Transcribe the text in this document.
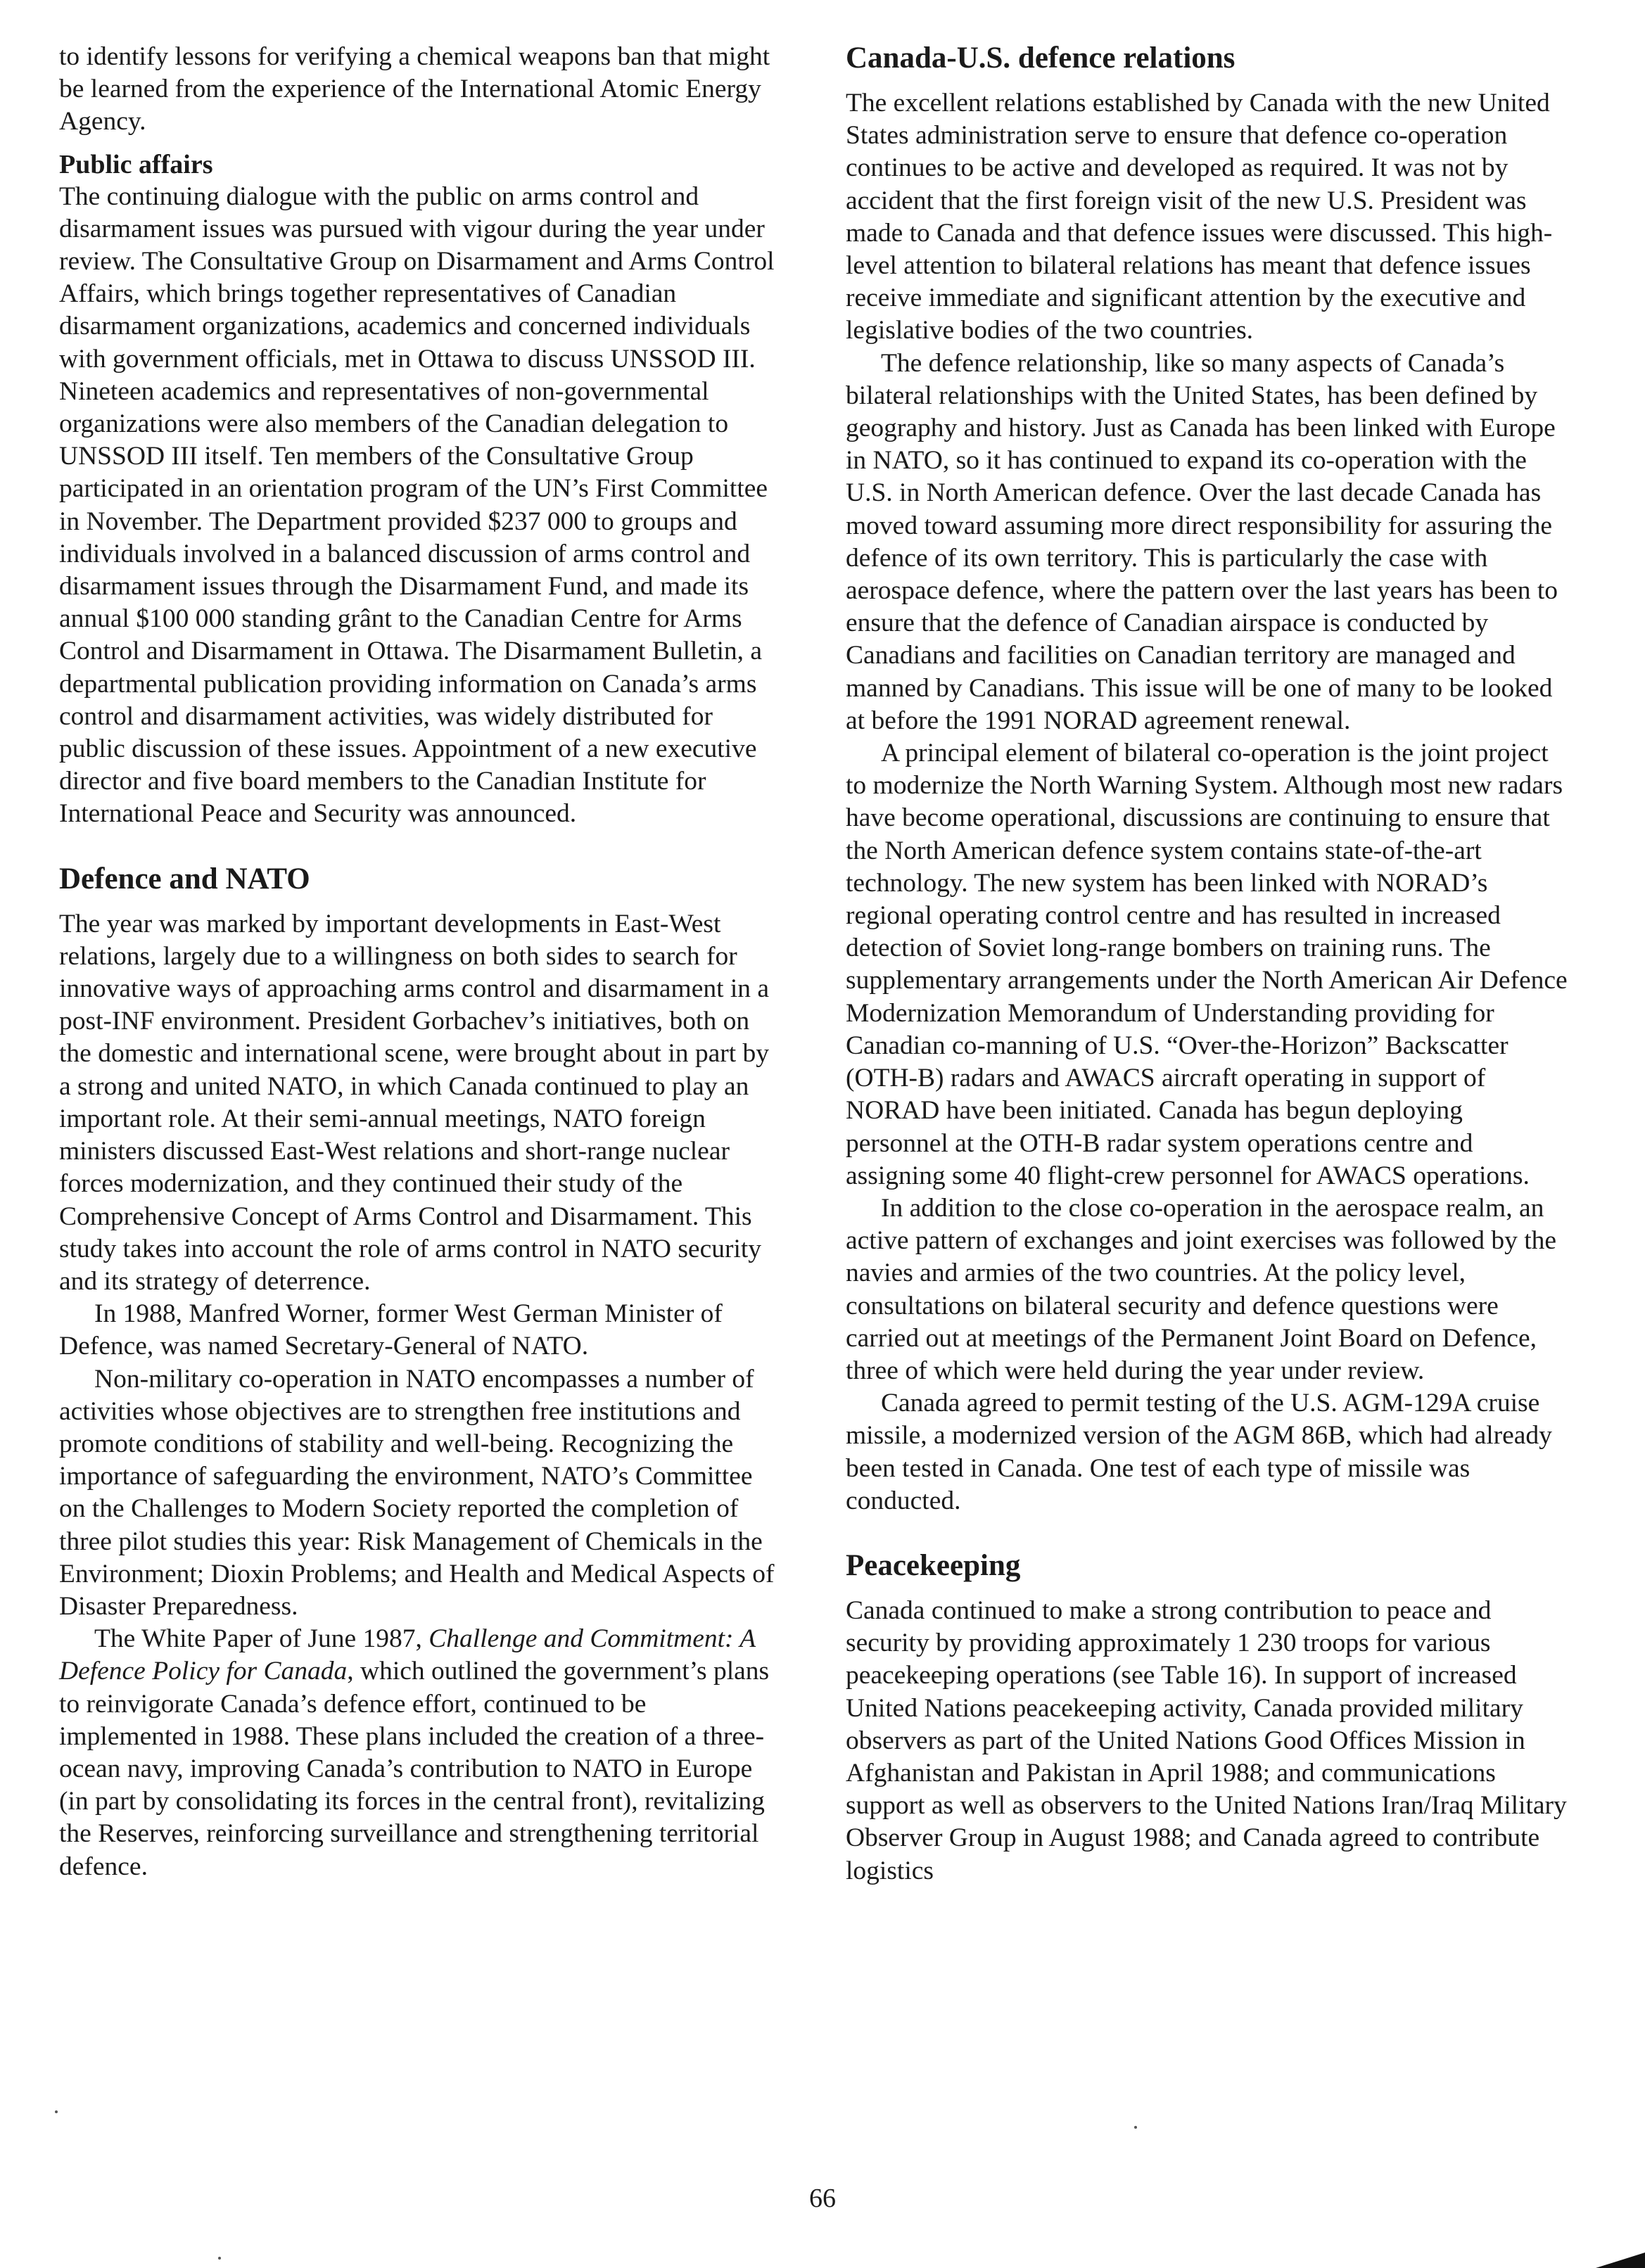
to identify lessons for verifying a chemical weapons ban that might be learned from the experience of the International Atomic Energy Agency.

Public affairs

The continuing dialogue with the public on arms control and disarmament issues was pursued with vigour during the year under review. The Consultative Group on Disarmament and Arms Control Affairs, which brings together representatives of Canadian disarmament organizations, academics and concerned individuals with government officials, met in Ottawa to discuss UNSSOD III. Nineteen academics and representatives of non-governmental organizations were also members of the Canadian delegation to UNSSOD III itself. Ten members of the Consultative Group participated in an orientation program of the UN’s First Committee in November. The Department provided $237 000 to groups and individuals involved in a balanced discussion of arms control and disarmament issues through the Disarmament Fund, and made its annual $100 000 standing grânt to the Canadian Centre for Arms Control and Disarmament in Ottawa. The Disarmament Bulletin, a departmental publication providing information on Canada’s arms control and disarmament activities, was widely distributed for public discussion of these issues. Appointment of a new executive director and five board members to the Canadian Institute for International Peace and Security was announced.

Defence and NATO

The year was marked by important developments in East-West relations, largely due to a willingness on both sides to search for innovative ways of approaching arms control and disarmament in a post-INF environment. President Gorbachev’s initiatives, both on the domestic and international scene, were brought about in part by a strong and united NATO, in which Canada continued to play an important role. At their semi-annual meetings, NATO foreign ministers discussed East-West relations and short-range nuclear forces modernization, and they continued their study of the Comprehensive Concept of Arms Control and Disarmament. This study takes into account the role of arms control in NATO security and its strategy of deterrence.

In 1988, Manfred Worner, former West German Minister of Defence, was named Secretary-General of NATO.

Non-military co-operation in NATO encompasses a number of activities whose objectives are to strengthen free institutions and promote conditions of stability and well-being. Recognizing the importance of safeguarding the environment, NATO’s Committee on the Challenges to Modern Society reported the completion of three pilot studies this year: Risk Management of Chemicals in the Environment; Dioxin Problems; and Health and Medical Aspects of Disaster Preparedness.

The White Paper of June 1987, Challenge and Commitment: A Defence Policy for Canada, which outlined the government’s plans to reinvigorate Canada’s defence effort, continued to be implemented in 1988. These plans included the creation of a three-ocean navy, improving Canada’s contribution to NATO in Europe (in part by consolidating its forces in the central front), revitalizing the Reserves, reinforcing surveillance and strengthening territorial defence.

Canada-U.S. defence relations

The excellent relations established by Canada with the new United States administration serve to ensure that defence co-operation continues to be active and developed as required. It was not by accident that the first foreign visit of the new U.S. President was made to Canada and that defence issues were discussed. This high-level attention to bilateral relations has meant that defence issues receive immediate and significant attention by the executive and legislative bodies of the two countries.

The defence relationship, like so many aspects of Canada’s bilateral relationships with the United States, has been defined by geography and history. Just as Canada has been linked with Europe in NATO, so it has continued to expand its co-operation with the U.S. in North American defence. Over the last decade Canada has moved toward assuming more direct responsibility for assuring the defence of its own territory. This is particularly the case with aerospace defence, where the pattern over the last years has been to ensure that the defence of Canadian airspace is conducted by Canadians and facilities on Canadian territory are managed and manned by Canadians. This issue will be one of many to be looked at before the 1991 NORAD agreement renewal.

A principal element of bilateral co-operation is the joint project to modernize the North Warning System. Although most new radars have become operational, discussions are continuing to ensure that the North American defence system contains state-of-the-art technology. The new system has been linked with NORAD’s regional operating control centre and has resulted in increased detection of Soviet long-range bombers on training runs. The supplementary arrangements under the North American Air Defence Modernization Memorandum of Understanding providing for Canadian co-manning of U.S. “Over-the-Horizon” Backscatter (OTH-B) radars and AWACS aircraft operating in support of NORAD have been initiated. Canada has begun deploying personnel at the OTH-B radar system operations centre and assigning some 40 flight-crew personnel for AWACS operations.

In addition to the close co-operation in the aerospace realm, an active pattern of exchanges and joint exercises was followed by the navies and armies of the two countries. At the policy level, consultations on bilateral security and defence questions were carried out at meetings of the Permanent Joint Board on Defence, three of which were held during the year under review.

Canada agreed to permit testing of the U.S. AGM-129A cruise missile, a modernized version of the AGM 86B, which had already been tested in Canada. One test of each type of missile was conducted.

Peacekeeping

Canada continued to make a strong contribution to peace and security by providing approximately 1 230 troops for various peacekeeping operations (see Table 16). In support of increased United Nations peacekeeping activity, Canada provided military observers as part of the United Nations Good Offices Mission in Afghanistan and Pakistan in April 1988; and communications support as well as observers to the United Nations Iran/Iraq Military Observer Group in August 1988; and Canada agreed to contribute logistics

66
